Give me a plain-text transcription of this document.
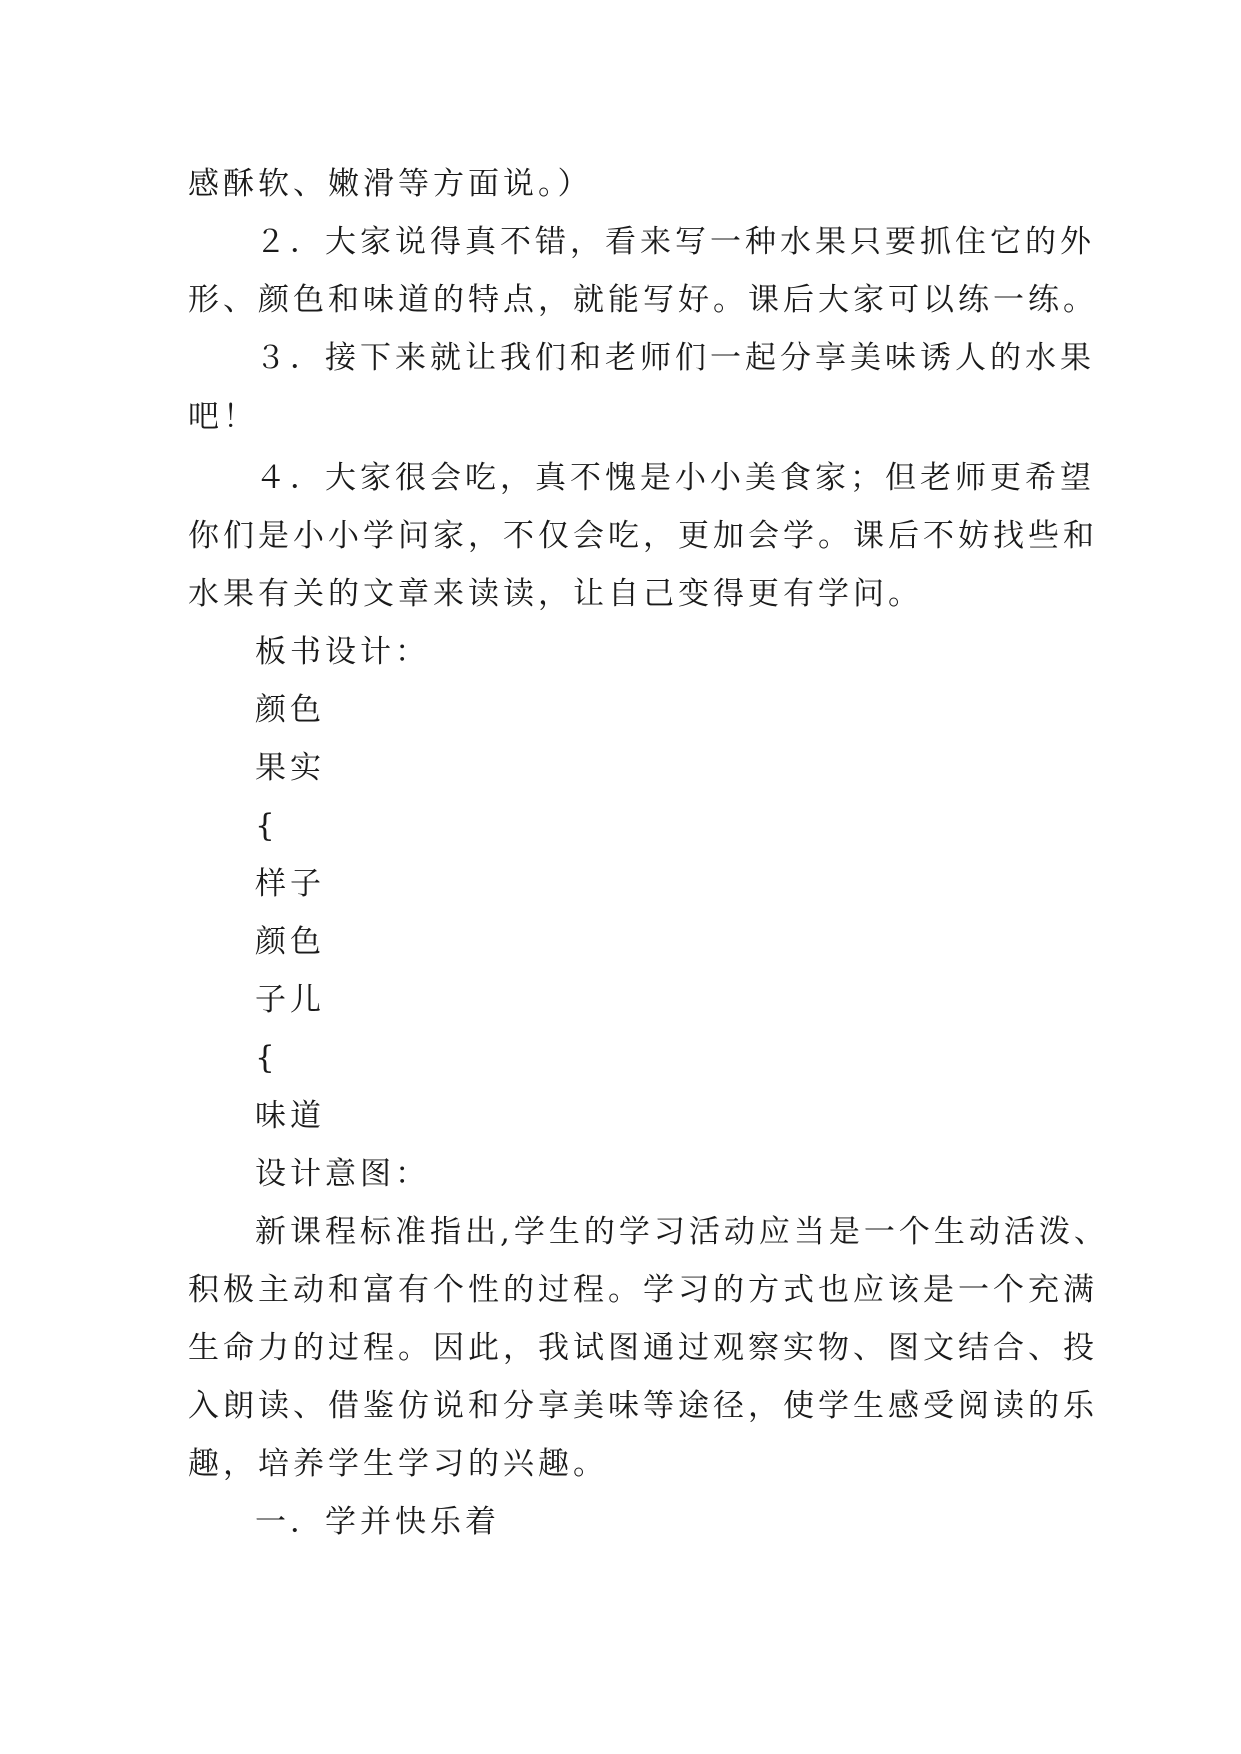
感酥软、嫩滑等方面说。）
２．大家说得真不错，看来写一种水果只要抓住它的外
形、颜色和味道的特点，就能写好。课后大家可以练一练。
３．接下来就让我们和老师们一起分享美味诱人的水果
吧！
４．大家很会吃，真不愧是小小美食家；但老师更希望
你们是小小学问家，不仅会吃，更加会学。课后不妨找些和
水果有关的文章来读读，让自己变得更有学问。
板书设计：
颜色
果实
{
样子
颜色
子儿
{
味道
设计意图：
新课程标准指出,学生的学习活动应当是一个生动活泼、
积极主动和富有个性的过程。学习的方式也应该是一个充满
生命力的过程。因此，我试图通过观察实物、图文结合、投
入朗读、借鉴仿说和分享美味等途径，使学生感受阅读的乐
趣，培养学生学习的兴趣。
一．学并快乐着
